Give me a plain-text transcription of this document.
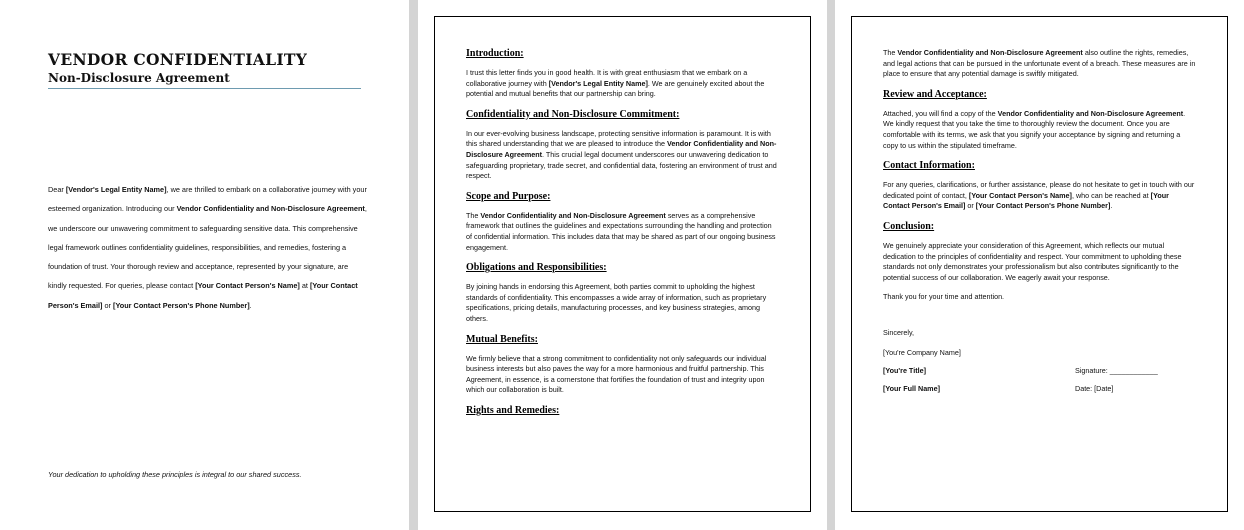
VENDOR CONFIDENTIALITY
Non-Disclosure Agreement
Dear [Vendor's Legal Entity Name], we are thrilled to embark on a collaborative journey with your esteemed organization. Introducing our Vendor Confidentiality and Non-Disclosure Agreement, we underscore our unwavering commitment to safeguarding sensitive data. This comprehensive legal framework outlines confidentiality guidelines, responsibilities, and remedies, fostering a foundation of trust. Your thorough review and acceptance, represented by your signature, are kindly requested. For queries, please contact [Your Contact Person's Name] at [Your Contact Person's Email] or [Your Contact Person's Phone Number].
Your dedication to upholding these principles is integral to our shared success.
Introduction:
I trust this letter finds you in good health. It is with great enthusiasm that we embark on a collaborative journey with [Vendor's Legal Entity Name]. We are genuinely excited about the potential and mutual benefits that our partnership can bring.
Confidentiality and Non-Disclosure Commitment:
In our ever-evolving business landscape, protecting sensitive information is paramount. It is with this shared understanding that we are pleased to introduce the Vendor Confidentiality and Non-Disclosure Agreement. This crucial legal document underscores our unwavering dedication to safeguarding proprietary, trade secret, and confidential data, fostering an environment of trust and respect.
Scope and Purpose:
The Vendor Confidentiality and Non-Disclosure Agreement serves as a comprehensive framework that outlines the guidelines and expectations surrounding the handling and protection of confidential information. This includes data that may be shared as part of our ongoing business engagement.
Obligations and Responsibilities:
By joining hands in endorsing this Agreement, both parties commit to upholding the highest standards of confidentiality. This encompasses a wide array of information, such as proprietary specifications, pricing details, manufacturing processes, and key business strategies, among others.
Mutual Benefits:
We firmly believe that a strong commitment to confidentiality not only safeguards our individual business interests but also paves the way for a more harmonious and fruitful partnership. This Agreement, in essence, is a cornerstone that fortifies the foundation of trust and integrity upon which our collaboration is built.
Rights and Remedies:
The Vendor Confidentiality and Non-Disclosure Agreement also outline the rights, remedies, and legal actions that can be pursued in the unfortunate event of a breach. These measures are in place to ensure that any potential damage is swiftly mitigated.
Review and Acceptance:
Attached, you will find a copy of the Vendor Confidentiality and Non-Disclosure Agreement. We kindly request that you take the time to thoroughly review the document. Once you are comfortable with its terms, we ask that you signify your acceptance by signing and returning a copy to us within the stipulated timeframe.
Contact Information:
For any queries, clarifications, or further assistance, please do not hesitate to get in touch with our dedicated point of contact, [Your Contact Person's Name], who can be reached at [Your Contact Person's Email] or [Your Contact Person's Phone Number].
Conclusion:
We genuinely appreciate your consideration of this Agreement, which reflects our mutual dedication to the principles of confidentiality and respect. Your commitment to upholding these standards not only demonstrates your professionalism but also contributes significantly to the potential success of our collaboration. We eagerly await your response.
Thank you for your time and attention.
Sincerely,
[You're Company Name]
[You're Title]	Signature: ____________
[Your Full Name]	Date: [Date]
